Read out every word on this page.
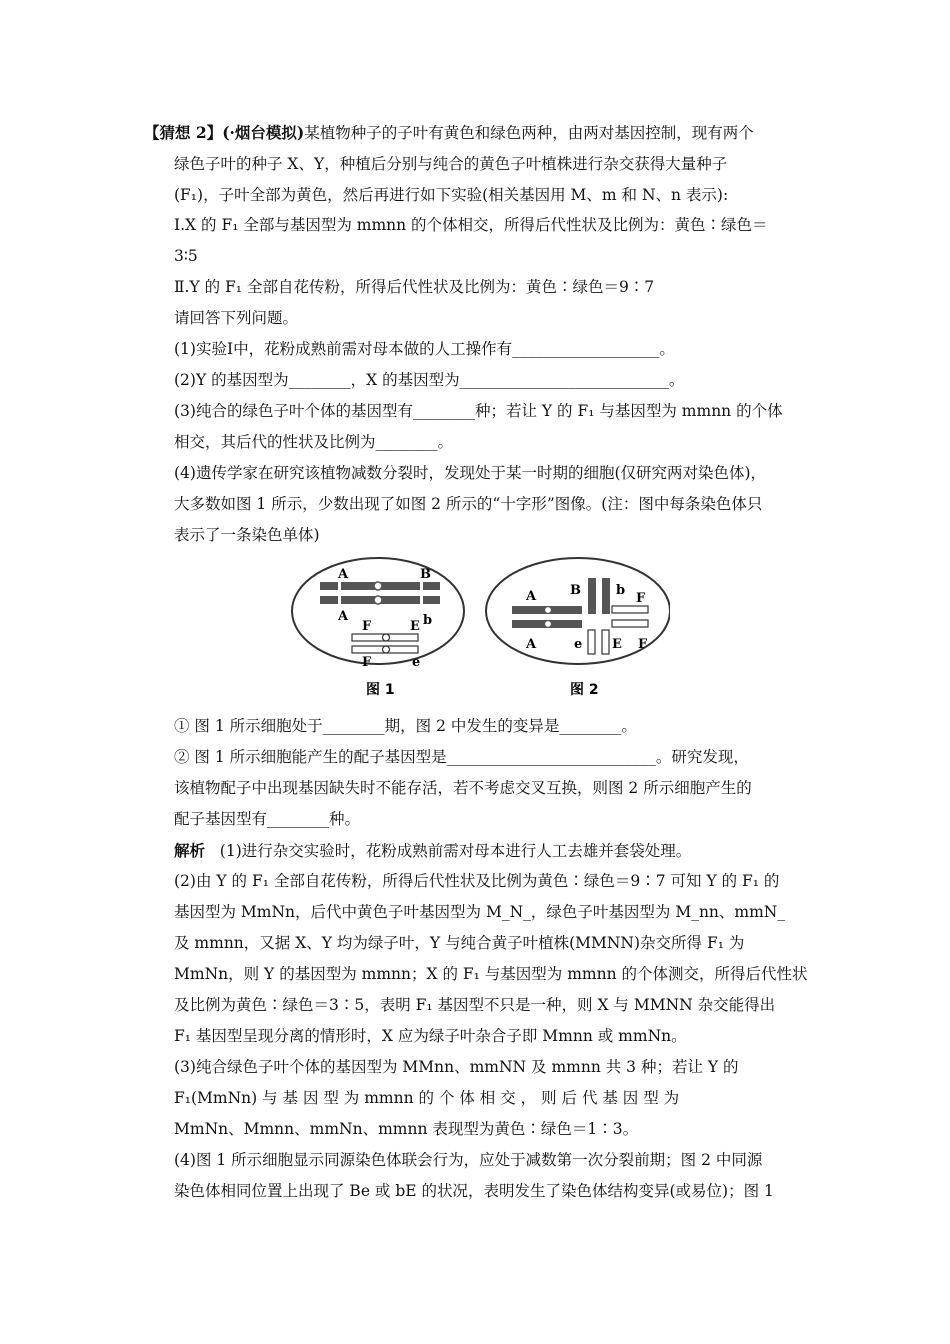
【猜想 2】(·烟台模拟)某植物种子的子叶有黄色和绿色两种，由两对基因控制，现有两个
绿色子叶的种子 X、Y，种植后分别与纯合的黄色子叶植株进行杂交获得大量种子
(F₁)，子叶全部为黄色，然后再进行如下实验(相关基因用 M、m 和 N、n 表示):
Ⅰ.X 的 F₁ 全部与基因型为 mmnn 的个体相交，所得后代性状及比例为：黄色∶绿色＝
3∶5
Ⅱ.Y 的 F₁ 全部自花传粉，所得后代性状及比例为：黄色∶绿色＝9∶7
请回答下列问题。
(1)实验Ⅰ中，花粉成熟前需对母本做的人工操作有___________________。
(2)Y 的基因型为________，X 的基因型为___________________________。
(3)纯合的绿色子叶个体的基因型有________种；若让 Y 的 F₁ 与基因型为 mmnn 的个体
相交，其后代的性状及比例为________。
(4)遗传学家在研究该植物减数分裂时，发现处于某一时期的细胞(仅研究两对染色体)，
大多数如图 1 所示，少数出现了如图 2 所示的“十字形”图像。(注：图中每条染色体只
表示了一条染色单体)
A	B
A
F	E b
F	e
图 1
A	B	b
F
A	e E F
图 2
① 图 1 所示细胞处于________期，图 2 中发生的变异是________。
② 图 1 所示细胞能产生的配子基因型是___________________________。研究发现，
该植物配子中出现基因缺失时不能存活，若不考虑交叉互换，则图 2 所示细胞产生的
配子基因型有________种。
解析 (1)进行杂交实验时，花粉成熟前需对母本进行人工去雄并套袋处理。
(2)由 Y 的 F₁ 全部自花传粉，所得后代性状及比例为黄色∶绿色＝9∶7 可知 Y 的 F₁ 的
基因型为 MmNn，后代中黄色子叶基因型为 M_N_，绿色子叶基因型为 M_nn、mmN_
及 mmnn，又据 X、Y 均为绿子叶，Y 与纯合黄子叶植株(MMNN)杂交所得 F₁ 为
MmNn，则 Y 的基因型为 mmnn；X 的 F₁ 与基因型为 mmnn 的个体测交，所得后代性状
及比例为黄色∶绿色＝3∶5，表明 F₁ 基因型不只是一种，则 X 与 MMNN 杂交能得出
F₁ 基因型呈现分离的情形时，X 应为绿子叶杂合子即 Mmnn 或 mmNn。
(3)纯合绿色子叶个体的基因型为 MMnn、mmNN 及 mmnn 共 3 种；若让 Y 的
F₁(MmNn) 与 基 因 型 为 mmnn 的 个 体 相 交 ， 则 后 代 基 因 型 为
MmNn、Mmnn、mmNn、mmnn 表现型为黄色∶绿色＝1∶3。
(4)图 1 所示细胞显示同源染色体联会行为，应处于减数第一次分裂前期；图 2 中同源
染色体相同位置上出现了 Be 或 bE 的状况，表明发生了染色体结构变异(或易位)；图 1
